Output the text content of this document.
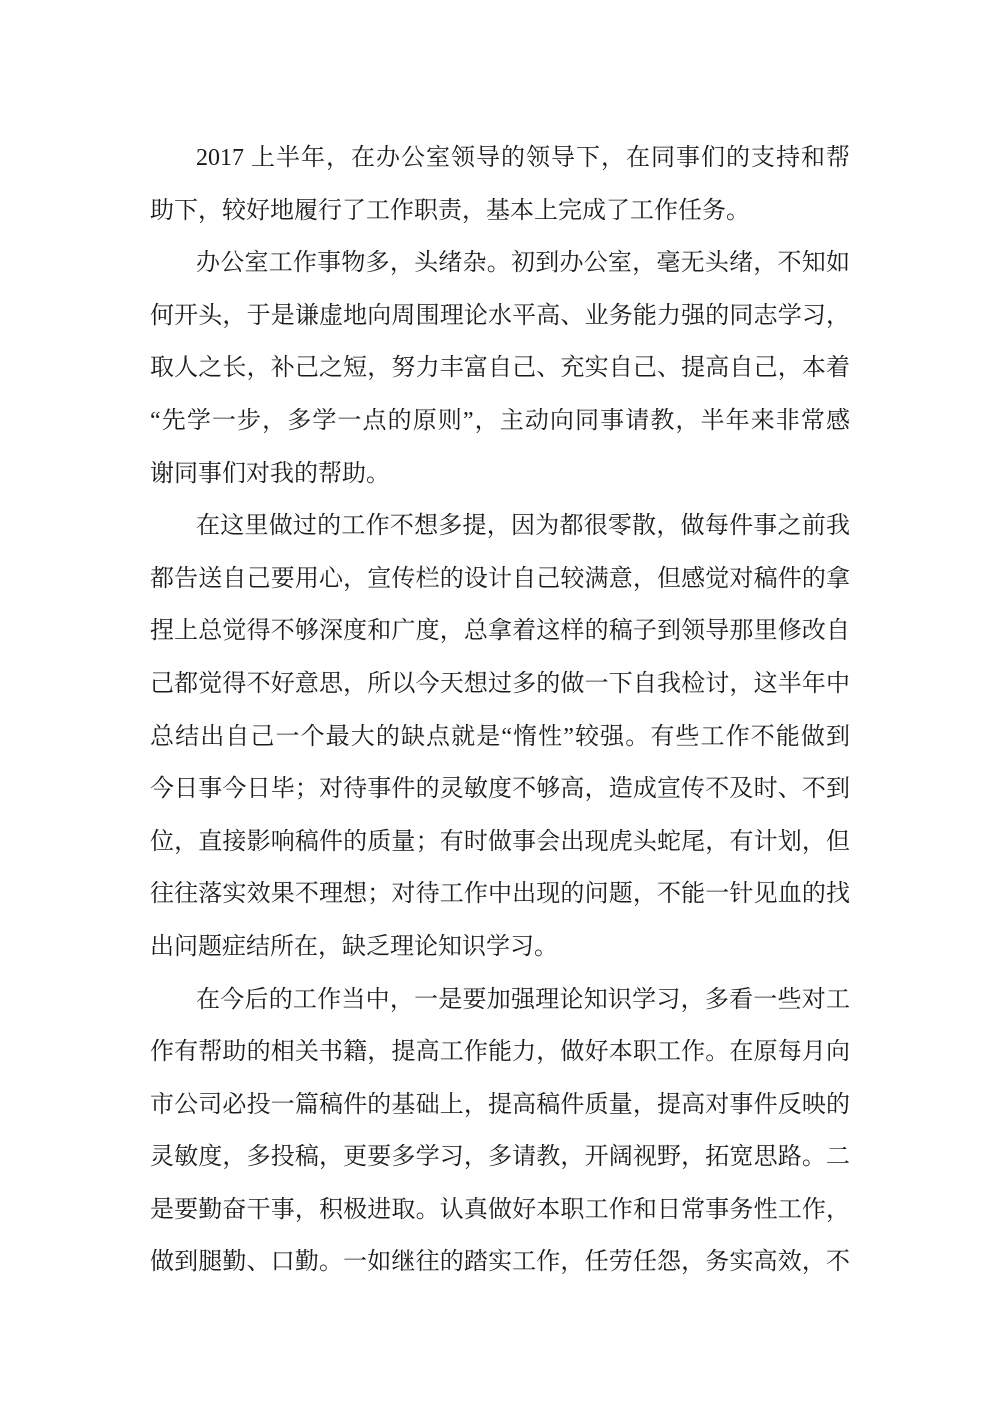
2017 上半年，在办公室领导的领导下，在同事们的支持和帮
助下，较好地履行了工作职责，基本上完成了工作任务。
办公室工作事物多，头绪杂。初到办公室，毫无头绪，不知如
何开头，于是谦虚地向周围理论水平高、业务能力强的同志学习，
取人之长，补己之短，努力丰富自己、充实自己、提高自己，本着
“先学一步，多学一点的原则”，主动向同事请教，半年来非常感
谢同事们对我的帮助。
在这里做过的工作不想多提，因为都很零散，做每件事之前我
都告送自己要用心，宣传栏的设计自己较满意，但感觉对稿件的拿
捏上总觉得不够深度和广度，总拿着这样的稿子到领导那里修改自
己都觉得不好意思，所以今天想过多的做一下自我检讨，这半年中
总结出自己一个最大的缺点就是“惰性”较强。有些工作不能做到
今日事今日毕；对待事件的灵敏度不够高，造成宣传不及时、不到
位，直接影响稿件的质量；有时做事会出现虎头蛇尾，有计划，但
往往落实效果不理想；对待工作中出现的问题，不能一针见血的找
出问题症结所在，缺乏理论知识学习。
在今后的工作当中，一是要加强理论知识学习，多看一些对工
作有帮助的相关书籍，提高工作能力，做好本职工作。在原每月向
市公司必投一篇稿件的基础上，提高稿件质量，提高对事件反映的
灵敏度，多投稿，更要多学习，多请教，开阔视野，拓宽思路。二
是要勤奋干事，积极进取。认真做好本职工作和日常事务性工作，
做到腿勤、口勤。一如继往的踏实工作，任劳任怨，务实高效，不
